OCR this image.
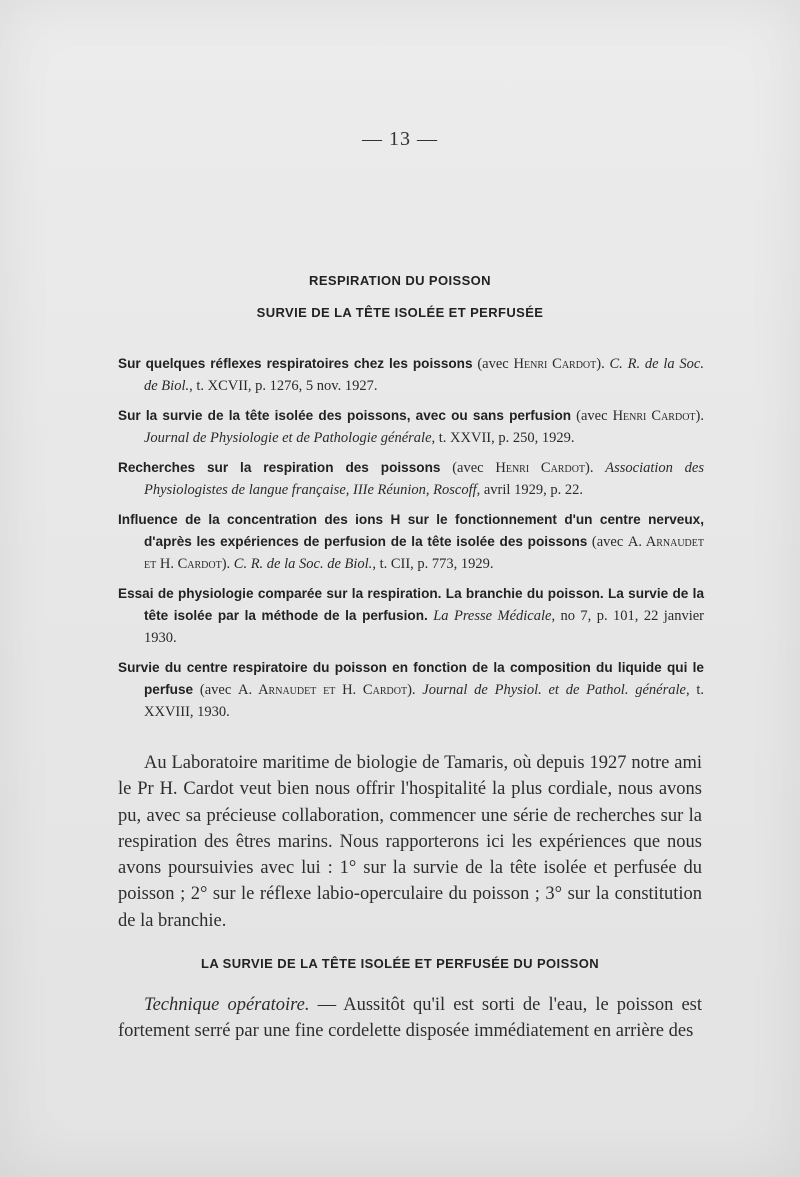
— 13 —
RESPIRATION DU POISSON
SURVIE DE LA TÊTE ISOLÉE ET PERFUSÉE
Sur quelques réflexes respiratoires chez les poissons (avec Henri Cardot). C. R. de la Soc. de Biol., t. XCVII, p. 1276, 5 nov. 1927.
Sur la survie de la tête isolée des poissons, avec ou sans perfusion (avec Henri Cardot). Journal de Physiologie et de Pathologie générale, t. XXVII, p. 250, 1929.
Recherches sur la respiration des poissons (avec Henri Cardot). Association des Physiologistes de langue française, IIIe Réunion, Roscoff, avril 1929, p. 22.
Influence de la concentration des ions H sur le fonctionnement d'un centre nerveux, d'après les expériences de perfusion de la tête isolée des poissons (avec A. Arnaudet et H. Cardot). C. R. de la Soc. de Biol., t. CII, p. 773, 1929.
Essai de physiologie comparée sur la respiration. La branchie du poisson. La survie de la tête isolée par la méthode de la perfusion. La Presse Médicale, no 7, p. 101, 22 janvier 1930.
Survie du centre respiratoire du poisson en fonction de la composition du liquide qui le perfuse (avec A. Arnaudet et H. Cardot). Journal de Physiol. et de Pathol. générale, t. XXVIII, 1930.
Au Laboratoire maritime de biologie de Tamaris, où depuis 1927 notre ami le Pr H. Cardot veut bien nous offrir l'hospitalité la plus cordiale, nous avons pu, avec sa précieuse collaboration, commencer une série de recherches sur la respiration des êtres marins. Nous rapporterons ici les expériences que nous avons poursuivies avec lui : 1° sur la survie de la tête isolée et perfusée du poisson ; 2° sur le réflexe labio-operculaire du poisson ; 3° sur la constitution de la branchie.
LA SURVIE DE LA TÊTE ISOLÉE ET PERFUSÉE DU POISSON
Technique opératoire. — Aussitôt qu'il est sorti de l'eau, le poisson est fortement serré par une fine cordelette disposée immédiatement en arrière des
